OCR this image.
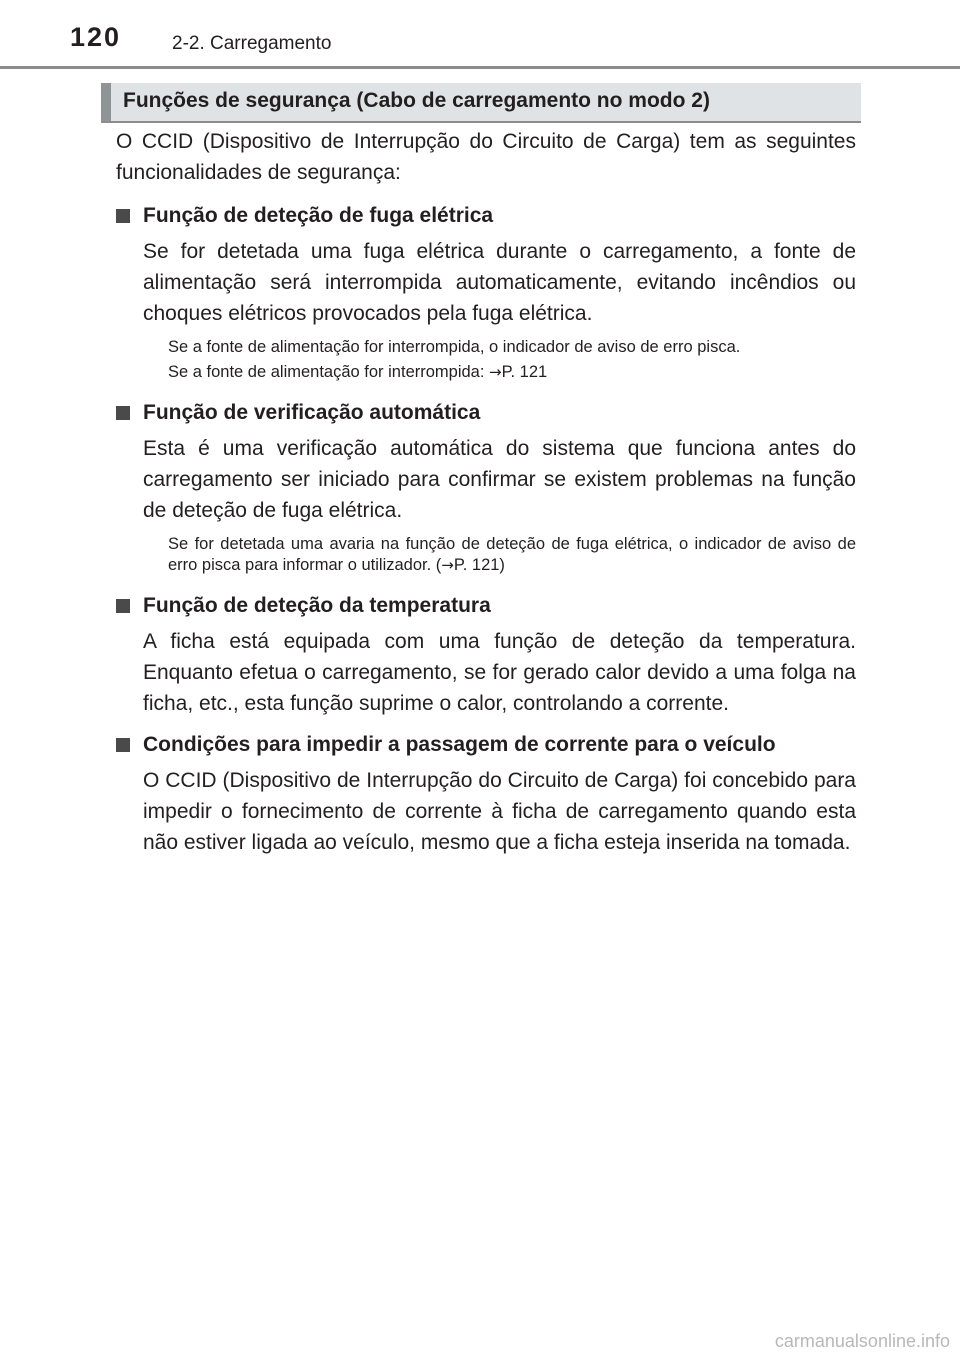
120	2-2. Carregamento
Funções de segurança (Cabo de carregamento no modo 2)

O CCID (Dispositivo de Interrupção do Circuito de Carga) tem as seguintes funcionalidades de segurança:

Função de deteção de fuga elétrica

Se for detetada uma fuga elétrica durante o carregamento, a fonte de alimentação será interrompida automaticamente, evitando incêndios ou choques elétricos provocados pela fuga elétrica.

Se a fonte de alimentação for interrompida, o indicador de aviso de erro pisca.

Se a fonte de alimentação for interrompida: →P. 121

Função de verificação automática

Esta é uma verificação automática do sistema que funciona antes do carregamento ser iniciado para confirmar se existem problemas na função de deteção de fuga elétrica.

Se for detetada uma avaria na função de deteção de fuga elétrica, o indicador de aviso de erro pisca para informar o utilizador. (→P. 121)

Função de deteção da temperatura

A ficha está equipada com uma função de deteção da temperatura. Enquanto efetua o carregamento, se for gerado calor devido a uma folga na ficha, etc., esta função suprime o calor, controlando a corrente.

Condições para impedir a passagem de corrente para o veículo

O CCID (Dispositivo de Interrupção do Circuito de Carga) foi concebido para impedir o fornecimento de corrente à ficha de carregamento quando esta não estiver ligada ao veículo, mesmo que a ficha esteja inserida na tomada.

carmanualsonline.info
